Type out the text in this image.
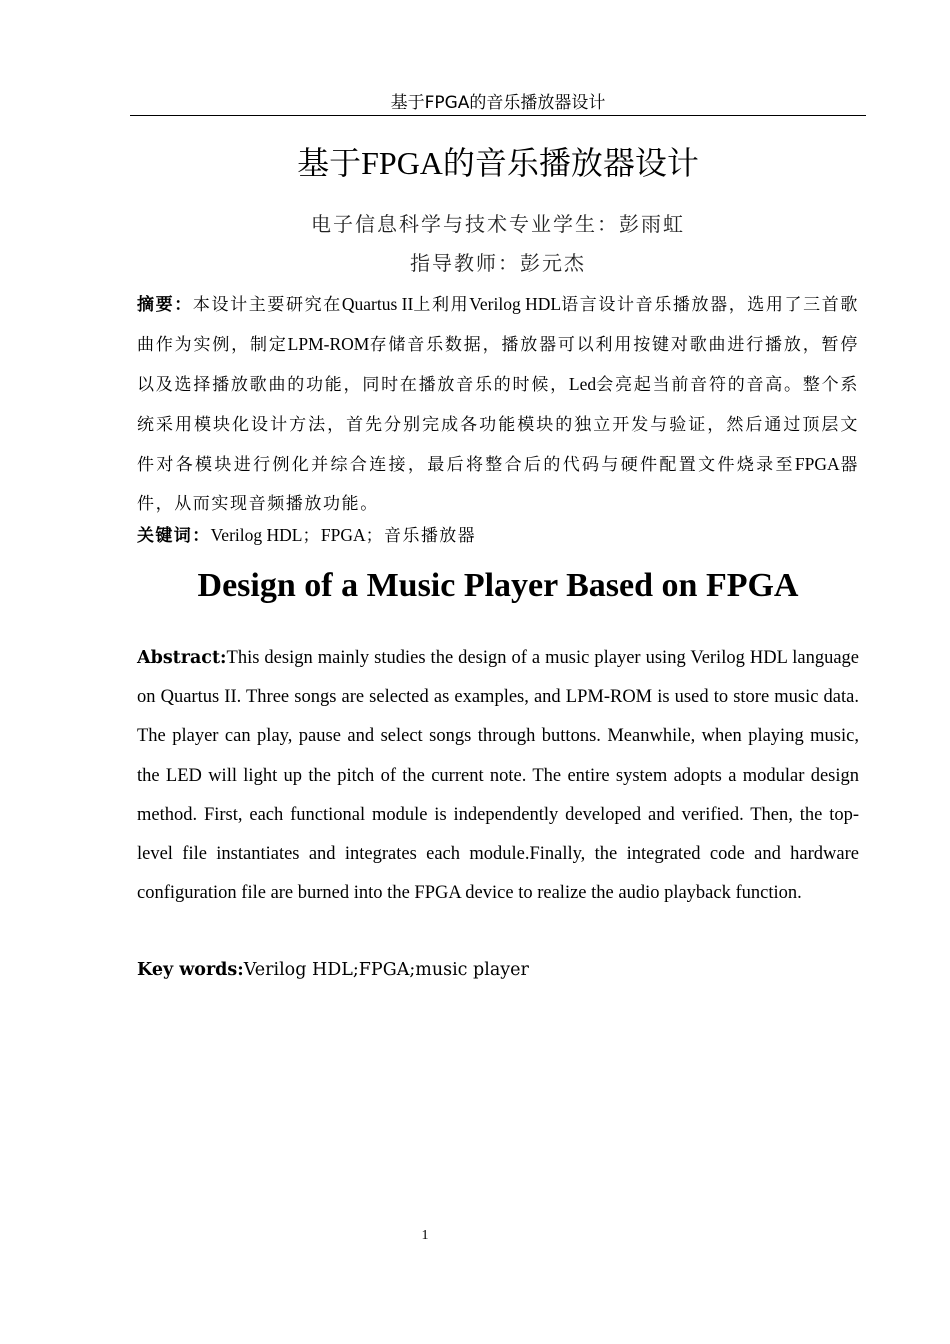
基于FPGA的音乐播放器设计
基于FPGA的音乐播放器设计
电子信息科学与技术专业学生：彭雨虹
指导教师：彭元杰
摘要：本设计主要研究在Quartus II上利用Verilog HDL语言设计音乐播放器，选用了三首歌曲作为实例，制定LPM-ROM存储音乐数据，播放器可以利用按键对歌曲进行播放，暂停以及选择播放歌曲的功能，同时在播放音乐的时候，Led会亮起当前音符的音高。整个系统采用模块化设计方法，首先分别完成各功能模块的独立开发与验证，然后通过顶层文件对各模块进行例化并综合连接，最后将整合后的代码与硬件配置文件烧录至FPGA器件，从而实现音频播放功能。
关键词：Verilog HDL；FPGA；音乐播放器
Design of a Music Player Based on FPGA
Abstract:This design mainly studies the design of a music player using Verilog HDL language on Quartus II. Three songs are selected as examples, and LPM-ROM is used to store music data. The player can play, pause and select songs through buttons. Meanwhile, when playing music, the LED will light up the pitch of the current note. The entire system adopts a modular design method. First, each functional module is independently developed and verified. Then, the top-level file instantiates and integrates each module.Finally, the integrated code and hardware configuration file are burned into the FPGA device to realize the audio playback function.
Key words:Verilog HDL;FPGA;music player
1
